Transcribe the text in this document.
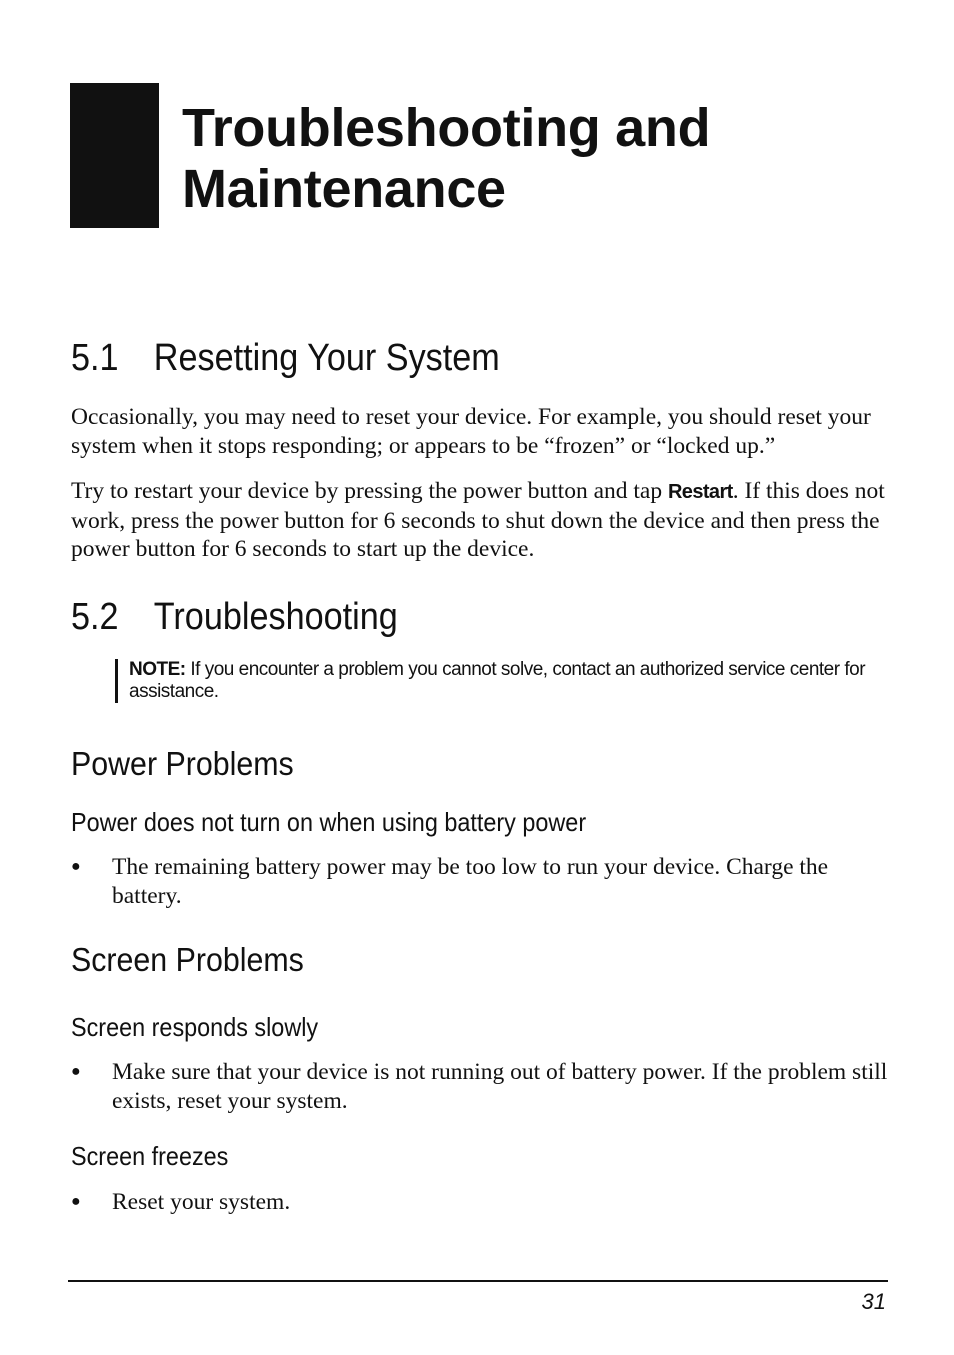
Troubleshooting and
Maintenance
5.1 Resetting Your System

Occasionally, you may need to reset your device. For example, you should reset your system when it stops responding; or appears to be “frozen” or “locked up.”

Try to restart your device by pressing the power button and tap Restart. If this does not work, press the power button for 6 seconds to shut down the device and then press the power button for 6 seconds to start up the device.

5.2 Troubleshooting
NOTE: If you encounter a problem you cannot solve, contact an authorized service center for assistance.
Power Problems
Power does not turn on when using battery power
●	The remaining battery power may be too low to run your device. Charge the battery.
Screen Problems
Screen responds slowly
●	Make sure that your device is not running out of battery power. If the problem still exists, reset your system.
Screen freezes
●	Reset your system.
31
